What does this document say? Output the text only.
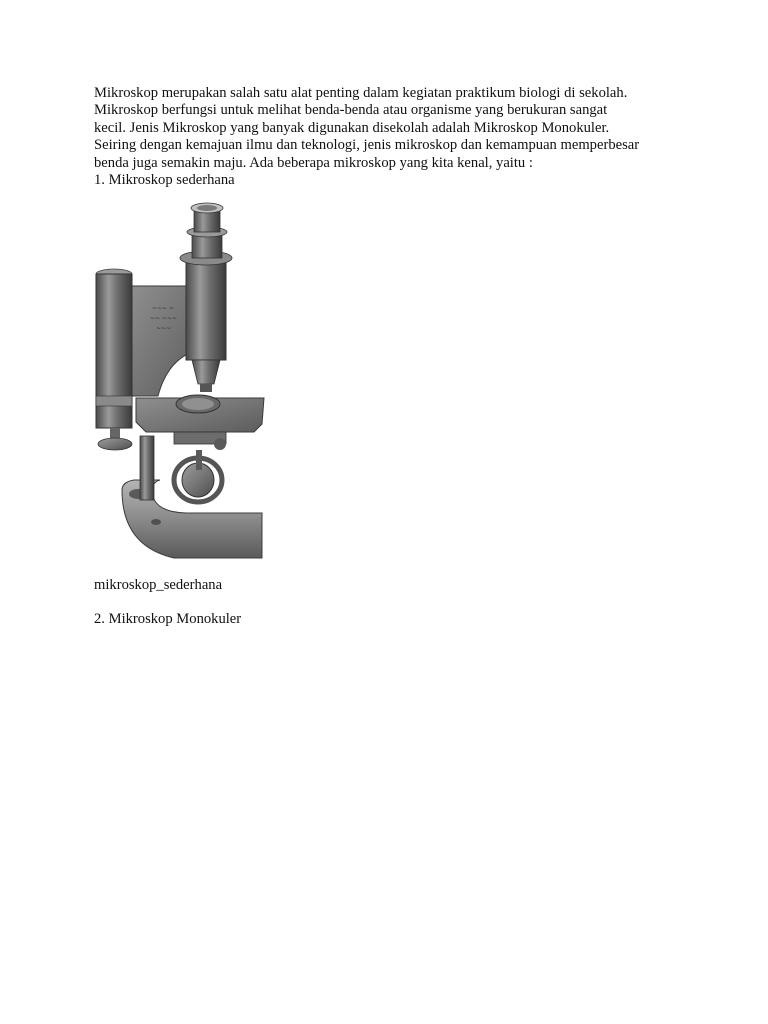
Mikroskop merupakan salah satu alat penting dalam kegiatan praktikum biologi di sekolah.
Mikroskop berfungsi untuk melihat benda-benda atau organisme yang berukuran sangat
kecil. Jenis Mikroskop yang banyak digunakan disekolah adalah Mikroskop Monokuler.
Seiring dengan kemajuan ilmu dan teknologi, jenis mikroskop dan kemampuan memperbesar
benda juga semakin maju. Ada beberapa mikroskop yang kita kenal, yaitu :
1. Mikroskop sederhana

~~~ ~
~~ ~~~
~~~
mikroskop_sederhana
2. Mikroskop Monokuler
